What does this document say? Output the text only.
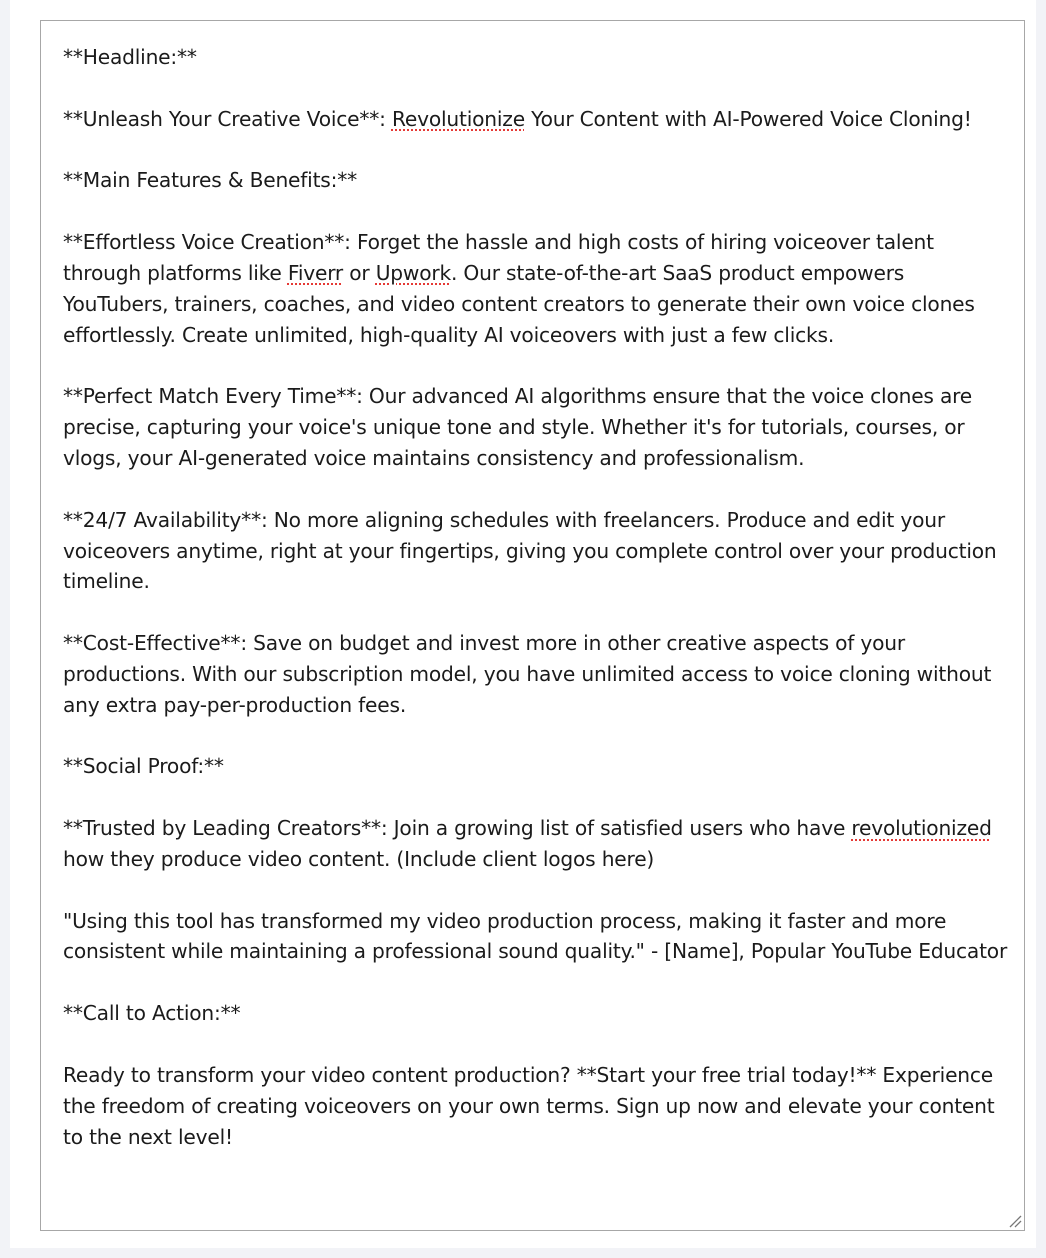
**Headline:**

**Unleash Your Creative Voice**: Revolutionize Your Content with AI-Powered Voice Cloning!

**Main Features & Benefits:**

**Effortless Voice Creation**: Forget the hassle and high costs of hiring voiceover talent through platforms like Fiverr or Upwork. Our state-of-the-art SaaS product empowers YouTubers, trainers, coaches, and video content creators to generate their own voice clones effortlessly. Create unlimited, high-quality AI voiceovers with just a few clicks.

**Perfect Match Every Time**: Our advanced AI algorithms ensure that the voice clones are precise, capturing your voice's unique tone and style. Whether it's for tutorials, courses, or vlogs, your AI-generated voice maintains consistency and professionalism.

**24/7 Availability**: No more aligning schedules with freelancers. Produce and edit your voiceovers anytime, right at your fingertips, giving you complete control over your production timeline.

**Cost-Effective**: Save on budget and invest more in other creative aspects of your productions. With our subscription model, you have unlimited access to voice cloning without any extra pay-per-production fees.

**Social Proof:**

**Trusted by Leading Creators**: Join a growing list of satisfied users who have revolutionized how they produce video content. (Include client logos here)

"Using this tool has transformed my video production process, making it faster and more consistent while maintaining a professional sound quality." - [Name], Popular YouTube Educator

**Call to Action:**

Ready to transform your video content production? **Start your free trial today!** Experience the freedom of creating voiceovers on your own terms. Sign up now and elevate your content to the next level!
